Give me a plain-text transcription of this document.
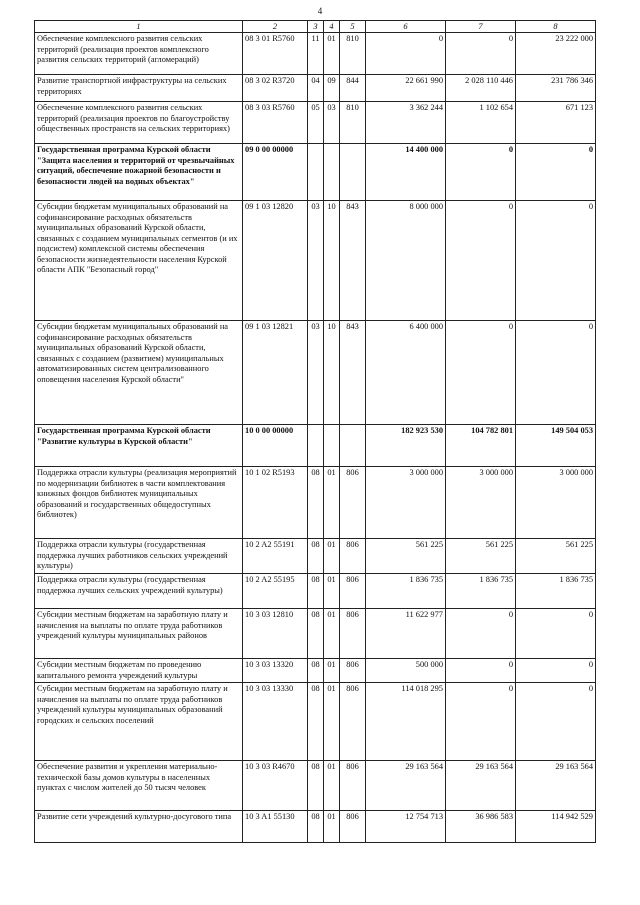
4
1	2	3	4	5	6	7	8
Обеспечение комплексного развития сельских территорий (реализация проектов комплексного развития сельских территорий (агломераций)	08 3 01 R5760	11	01	810	0	0	23 222 000
Развитие транспортной инфраструктуры на сельских территориях	08 3 02 R3720	04	09	844	22 661 990	2 028 110 446	231 786 346
Обеспечение комплексного развития сельских территорий (реализация проектов по благоустройству общественных пространств на сельских территориях)	08 3 03 R5760	05	03	810	3 362 244	1 102 654	671 123
Государственная программа Курской области "Защита населения и территорий от чрезвычайных ситуаций, обеспечение пожарной безопасности и безопасности людей на водных объектах"	09 0 00 00000				14 400 000	0	0
Субсидии бюджетам муниципальных образований на софинансирование расходных обязательств муниципальных образований Курской области, связанных с созданием муниципальных сегментов (и их подсистем) комплексной системы обеспечения безопасности жизнедеятельности населения Курской области АПК "Безопасный город"	09 1 03 12820	03	10	843	8 000 000	0	0
Субсидии бюджетам муниципальных образований на софинансирование расходных обязательств муниципальных образований Курской области, связанных с созданием (развитием) муниципальных автоматизированных систем централизованного оповещения населения Курской области"	09 1 03 12821	03	10	843	6 400 000	0	0
Государственная программа Курской области "Развитие культуры в Курской области"	10 0 00 00000				182 923 530	104 782 801	149 504 053
Поддержка отрасли культуры (реализация мероприятий по модернизации библиотек в части комплектования книжных фондов библиотек муниципальных образований и государственных общедоступных библиотек)	10 1 02 R5193	08	01	806	3 000 000	3 000 000	3 000 000
Поддержка отрасли культуры (государственная поддержка лучших работников сельских учреждений культуры)	10 2 A2 55191	08	01	806	561 225	561 225	561 225
Поддержка отрасли культуры (государственная поддержка лучших сельских учреждений культуры)	10 2 A2 55195	08	01	806	1 836 735	1 836 735	1 836 735
Субсидии местным бюджетам на заработную плату и начисления на выплаты по оплате труда работников учреждений культуры муниципальных районов	10 3 03 12810	08	01	806	11 622 977	0	0
Субсидии местным бюджетам по проведению капитального ремонта учреждений культуры	10 3 03 13320	08	01	806	500 000	0	0
Субсидии местным бюджетам на заработную плату и начисления на выплаты по оплате труда работников учреждений культуры муниципальных образований городских и сельских поселений	10 3 03 13330	08	01	806	114 018 295	0	0
Обеспечение развития и укрепления материально-технической базы домов культуры в населенных пунктах с числом жителей до 50 тысяч человек	10 3 03 R4670	08	01	806	29 163 564	29 163 564	29 163 564
Развитие сети учреждений культурно-досугового типа	10 3 A1 55130	08	01	806	12 754 713	36 986 583	114 942 529
